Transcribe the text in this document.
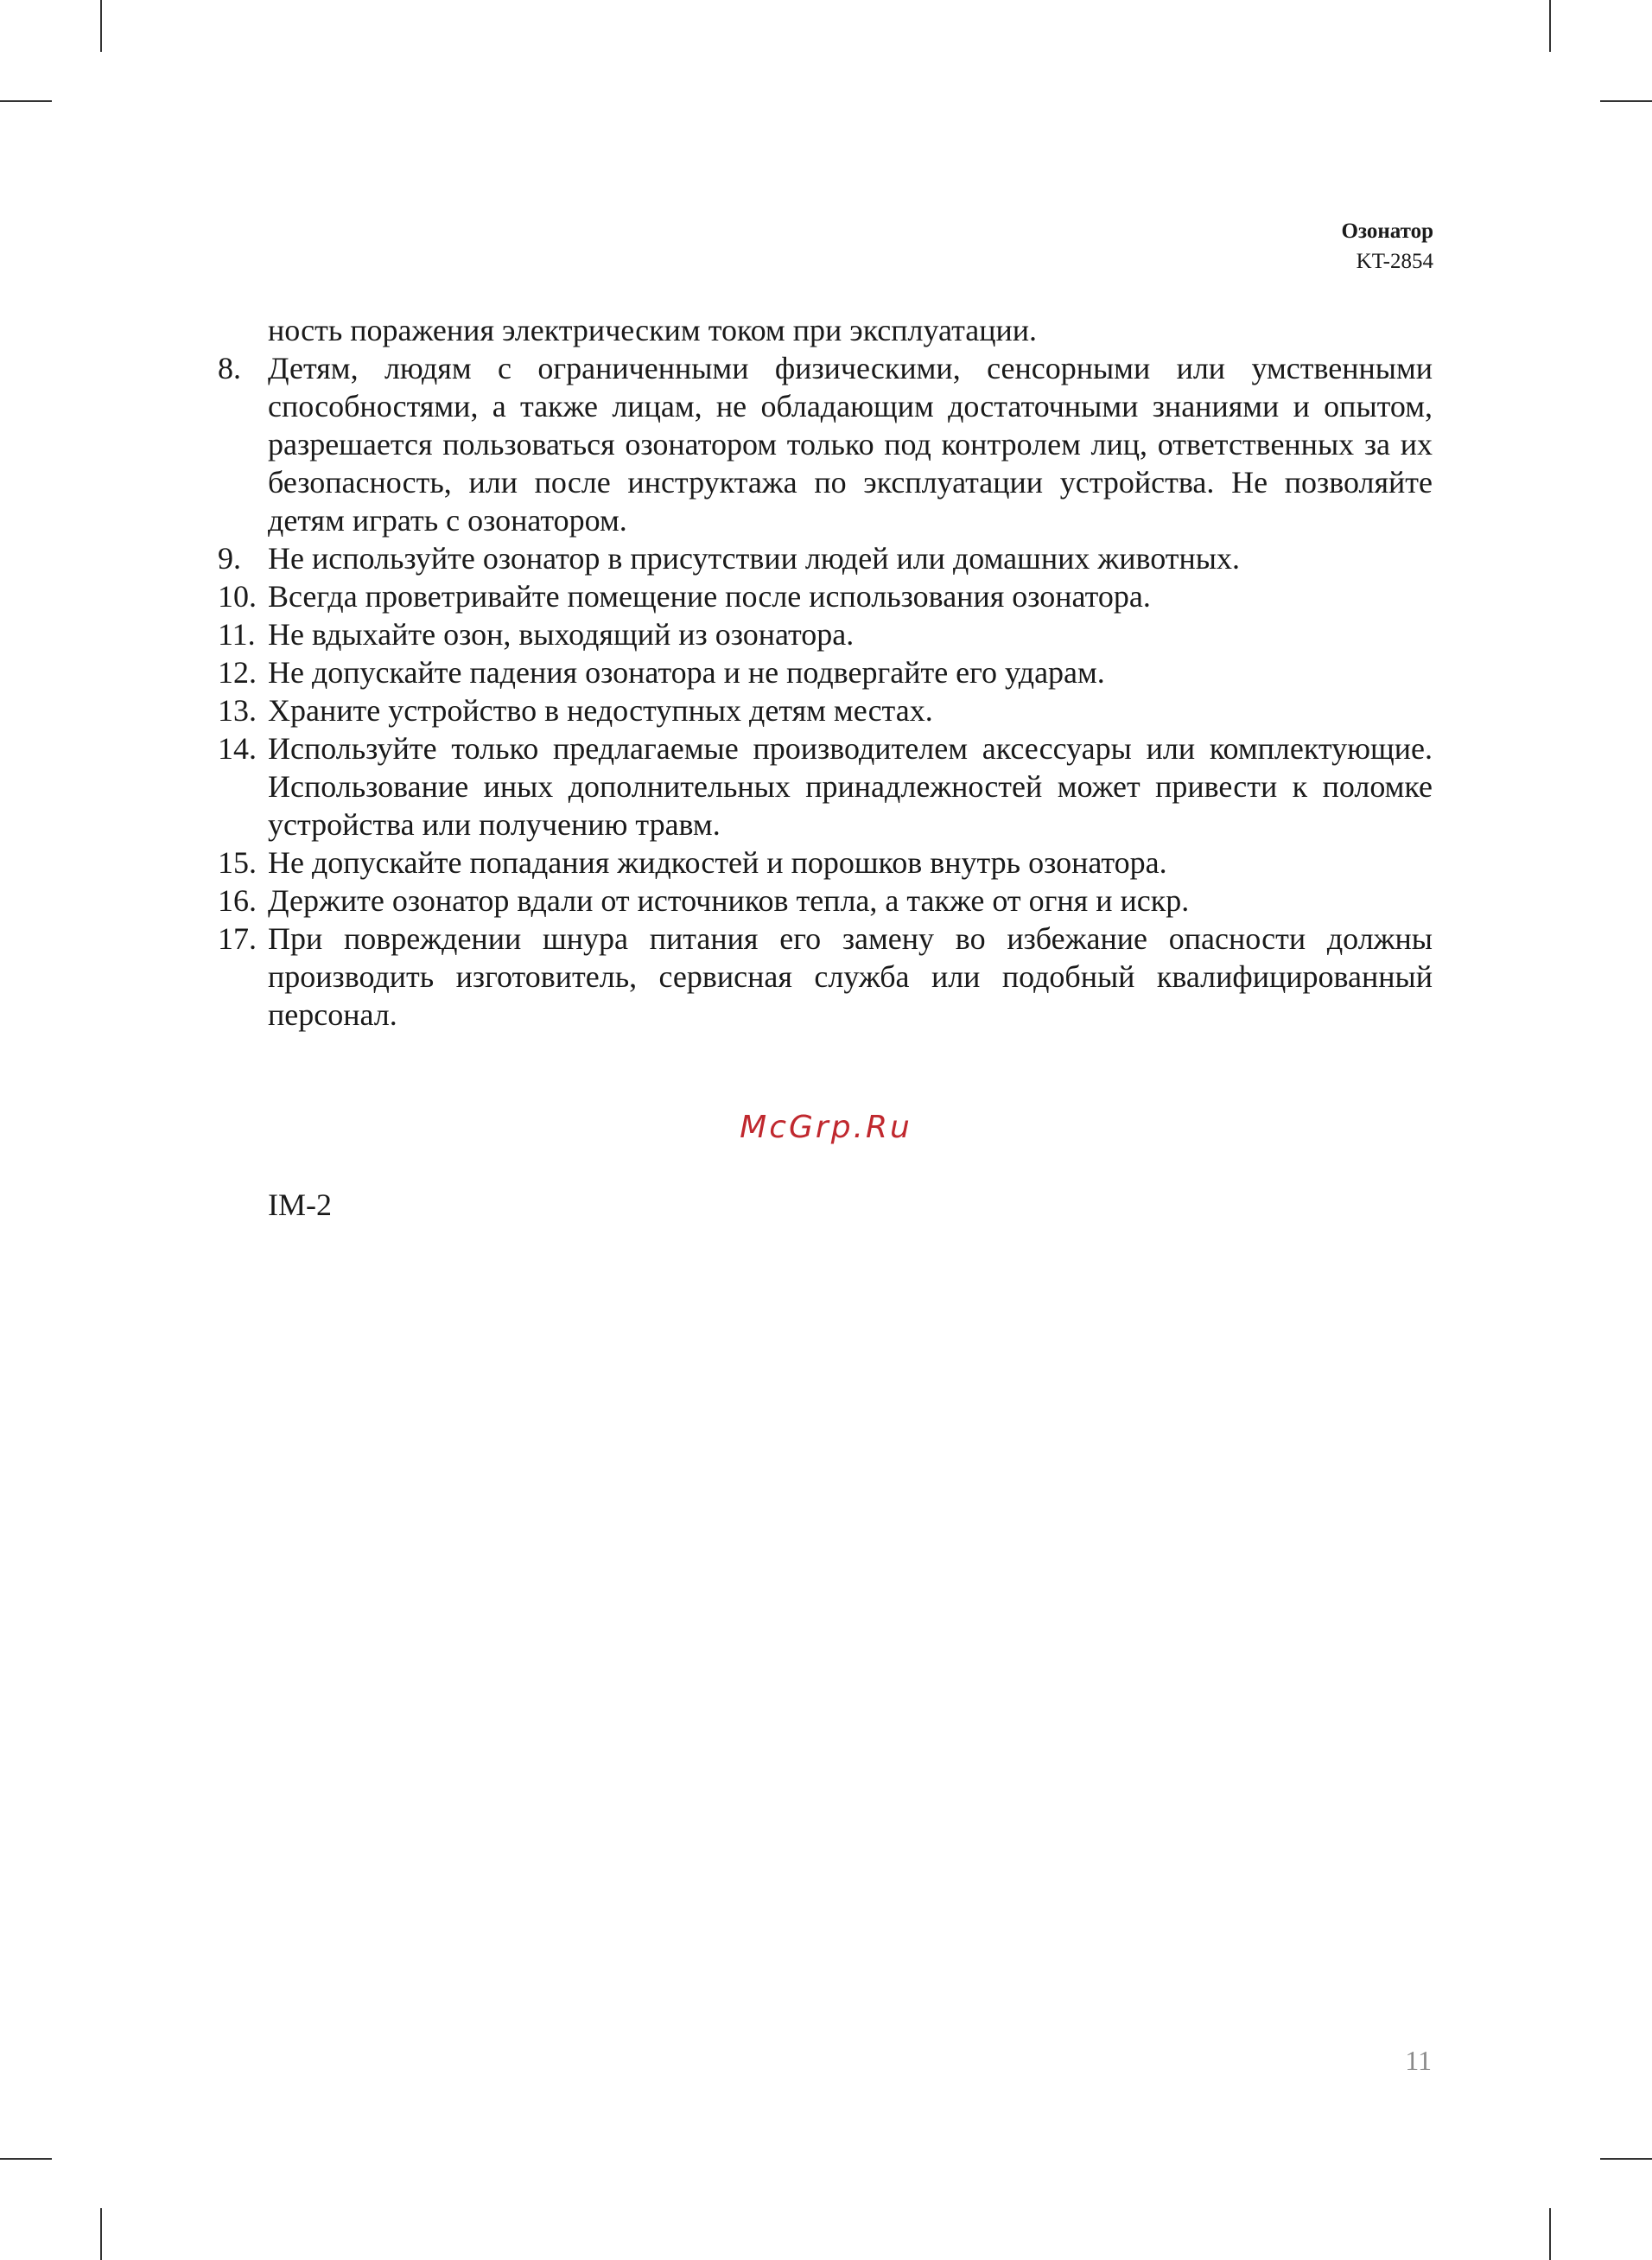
Озонатор
KT-2854
ность поражения электрическим током при эксплуатации.
8. Детям, людям с ограниченными физическими, сенсорными или умственными способностями, а также лицам, не обладающим достаточными знаниями и опытом, разрешается пользоваться озонатором только под контролем лиц, ответственных за их безопасность, или после инструктажа по эксплуатации устройства. Не позволяйте детям играть с озонатором.
9. Не используйте озонатор в присутствии людей или домашних животных.
10. Всегда проветривайте помещение после использования озонатора.
11. Не вдыхайте озон, выходящий из озонатора.
12. Не допускайте падения озонатора и не подвергайте его ударам.
13. Храните устройство в недоступных детям местах.
14. Используйте только предлагаемые производителем аксессуары или комплектующие. Использование иных дополнительных принадлежностей может привести к поломке устройства или получению травм.
15. Не допускайте попадания жидкостей и порошков внутрь озонатора.
16. Держите озонатор вдали от источников тепла, а также от огня и искр.
17. При повреждении шнура питания его замену во избежание опасности должны производить изготовитель, сервисная служба или подобный квалифицированный персонал.
McGrp.Ru
IM-2
11
